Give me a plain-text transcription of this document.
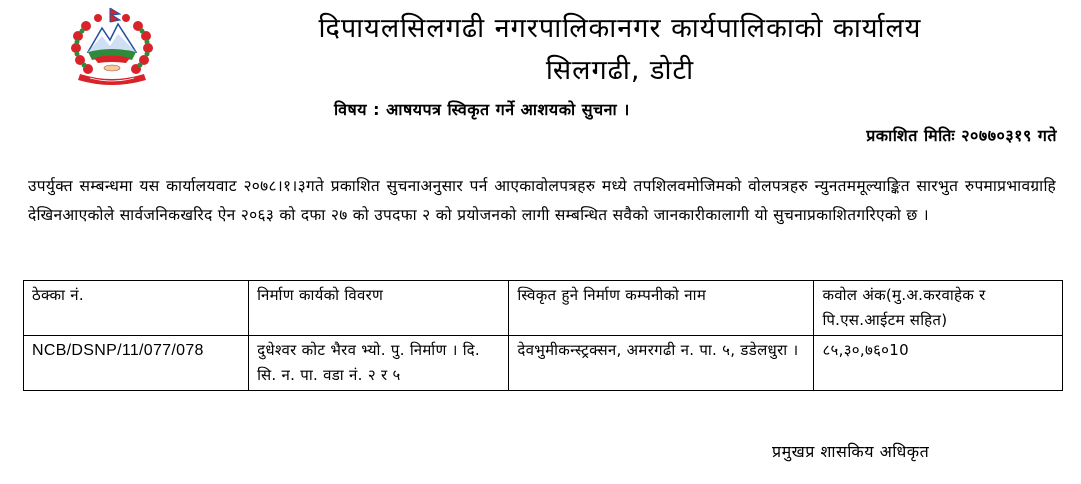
दिपायलसिलगढी नगरपालिकानगर कार्यपालिकाको कार्यालय
सिलगढी, डोटी
विषय : आषयपत्र स्विकृत गर्ने आशयको सुचना ।
प्रकाशित मितिः २०७७०३१९ गते
उपर्युक्त सम्बन्धमा यस कार्यालयवाट २०७८।१।३गते प्रकाशित सुचनाअनुसार पर्न आएकावोलपत्रहरु मध्ये तपशिलवमोजिमको वोलपत्रहरु न्युनतममूल्याङ्कित सारभुत रुपमाप्रभावग्राहि देखिनआएकोले सार्वजनिकखरिद ऐन २०६३ को दफा २७ को उपदफा २ को प्रयोजनको लागी सम्बन्धित सवैको जानकारीकालागी यो सुचनाप्रकाशितगरिएको छ ।
ठेक्का नं.	निर्माण कार्यको विवरण	स्विकृत हुने निर्माण कम्पनीको नाम	कवोल अंक(मु.अ.करवाहेक र पि.एस.आईटम सहित)
NCB/DSNP/11/077/078	दुधेश्वर कोट भैरव भ्यो. पु. निर्माण । दि. सि. न. पा. वडा नं. २ र ५	देवभुमीकन्स्ट्रक्सन, अमरगढी न. पा. ५, डडेलधुरा ।	८५,३०,७६०10
प्रमुखप्र शासकिय अधिकृत
